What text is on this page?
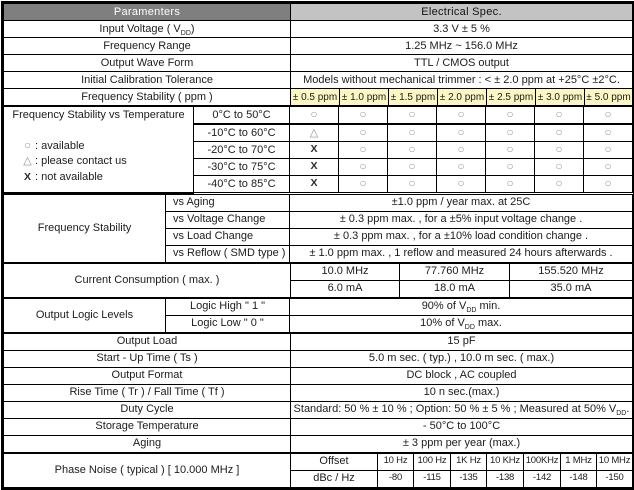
Paramenters	Electrical Spec.						
Input Voltage ( $V_{DD}$)	3.3 V ± 5 %						
Frequency Range	1.25 MHz ~ 156.0 MHz						
Output Wave Form	TTL / CMOS output						
Initial Calibration Tolerance	Models without mechanical trimmer : < ± 2.0 ppm at +25°C ±2°C.						
Frequency Stability ( ppm )	± 0.5 ppm	± 1.0 ppm	± 1.5 ppm	± 2.0 ppm	± 2.5 ppm	± 3.0 ppm	± 5.0 ppm
Frequency Stability vs Temperature
○ : available
△ : please contact us
X : not available	0°C to 50°C	○	○	○	○	○	○	○
	-10°C to 60°C	△	○	○	○	○	○	○
	-20°C to 70°C	X	○	○	○	○	○	○
	-30°C to 75°C	X	○	○	○	○	○	○
	-40°C to 85°C	X	○	○	○	○	○	○
Frequency Stability	vs Aging	±1.0 ppm / year max. at 25C
	vs Voltage Change	± 0.3 ppm max. , for a ±5% input voltage change .
	vs Load Change	± 0.3 ppm max. , for a ±10% load condition change .
	vs Reflow ( SMD type )	± 1.0 ppm max. , 1 reflow and measured 24 hours afterwards .
Current Consumption ( max. )	10.0 MHz	77.760 MHz	155.520 MHz
	6.0 mA	18.0 mA	35.0 mA
Output Logic Levels	Logic High " 1 "	90% of $V_{DD}$ min.
	Logic Low " 0 "	10% of $V_{DD}$ max.
Output Load	15 pF
Start - Up Time ( Ts )	5.0 m sec. ( typ.) , 10.0 m sec. ( max.)
Output Format	DC block , AC coupled
Rise Time ( Tr ) / Fall Time ( Tf )	10 n sec.(max.)
Duty Cycle	Standard: 50 % ± 10 % ; Option: 50 % ± 5 % ; Measured at 50% $V_{DD}$.
Storage Temperature	- 50°C to 100°C
Aging	± 3 ppm per year (max.)
Phase Noise ( typical ) [ 10.000 MHz ]	Offset	10 Hz	100 Hz	1K Hz	10 KHz	100KHz	1 MHz	10 MHz
	dBc / Hz	-80	-115	-135	-138	-142	-148	-150
